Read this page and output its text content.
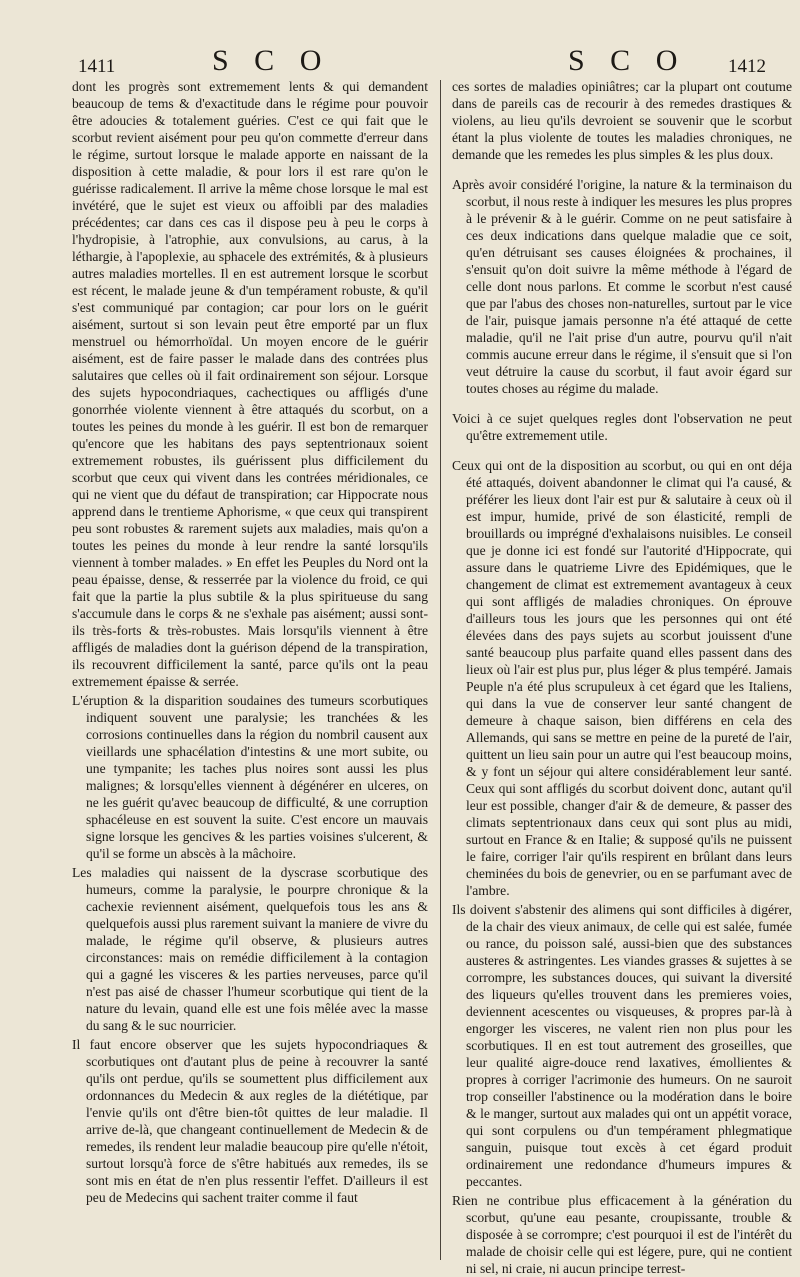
1411	S C O	S C O 1412

dont les progrès sont extremement lents & qui demandent beaucoup de tems & d'exactitude dans le régime pour pouvoir être adoucies & totalement guéries. C'est ce qui fait que le scorbut revient aisément pour peu qu'on commette d'erreur dans le régime, surtout lorsque le malade apporte en naissant de la disposition à cette maladie, & pour lors il est rare qu'on le guérisse radicalement. Il arrive la même chose lorsque le mal est invétéré, que le sujet est vieux ou affoibli par des maladies précédentes; car dans ces cas il dispose peu à peu le corps à l'hydropisie, à l'atrophie, aux convulsions, au carus, à la léthargie, à l'apoplexie, au sphacele des extrémités, & à plusieurs autres maladies mortelles. Il en est autrement lorsque le scorbut est récent, le malade jeune & d'un tempérament robuste, & qu'il s'est communiqué par contagion; car pour lors on le guérit aisément, surtout si son levain peut être emporté par un flux menstruel ou hémorrhoïdal. Un moyen encore de le guérir aisément, est de faire passer le malade dans des contrées plus salutaires que celles où il fait ordinairement son séjour. Lorsque des sujets hypocondriaques, cachectiques ou affligés d'une gonorrhée violente viennent à être attaqués du scorbut, on a toutes les peines du monde à les guérir. Il est bon de remarquer qu'encore que les habitans des pays septentrionaux soient extremement robustes, ils guérissent plus difficilement du scorbut que ceux qui vivent dans les contrées méridionales, ce qui ne vient que du défaut de transpiration; car Hippocrate nous apprend dans le trentieme Aphorisme, « que ceux qui transpirent peu sont robustes & rarement sujets aux maladies, mais qu'on a toutes les peines du monde à leur rendre la santé lorsqu'ils viennent à tomber malades. » En effet les Peuples du Nord ont la peau épaisse, dense, & resserrée par la violence du froid, ce qui fait que la partie la plus subtile & la plus spiritueuse du sang s'accumule dans le corps & ne s'exhale pas aisément; aussi sont-ils très-forts & très-robustes. Mais lorsqu'ils viennent à être affligés de maladies dont la guérison dépend de la transpiration, ils recouvrent difficilement la santé, parce qu'ils ont la peau extremement épaisse & serrée.

L'éruption & la disparition soudaines des tumeurs scorbutiques indiquent souvent une paralysie; les tranchées & les corrosions continuelles dans la région du nombril causent aux vieillards une sphacélation d'intestins & une mort subite, ou une tympanite; les taches plus noires sont aussi les plus malignes; & lorsqu'elles viennent à dégénérer en ulceres, on ne les guérit qu'avec beaucoup de difficulté, & une corruption sphacéleuse en est souvent la suite. C'est encore un mauvais signe lorsque les gencives & les parties voisines s'ulcerent, & qu'il se forme un abscès à la mâchoire.

Les maladies qui naissent de la dyscrase scorbutique des humeurs, comme la paralysie, le pourpre chronique & la cachexie reviennent aisément, quelquefois tous les ans & quelquefois aussi plus rarement suivant la maniere de vivre du malade, le régime qu'il observe, & plusieurs autres circonstances: mais on remédie difficilement à la contagion qui a gagné les visceres & les parties nerveuses, parce qu'il n'est pas aisé de chasser l'humeur scorbutique qui tient de la nature du levain, quand elle est une fois mêlée avec la masse du sang & le suc nourricier.

Il faut encore observer que les sujets hypocondriaques & scorbutiques ont d'autant plus de peine à recouvrer la santé qu'ils ont perdue, qu'ils se soumettent plus difficilement aux ordonnances du Medecin & aux regles de la diététique, par l'envie qu'ils ont d'être bien-tôt quittes de leur maladie. Il arrive de-là, que changeant continuellement de Medecin & de remedes, ils rendent leur maladie beaucoup pire qu'elle n'étoit, surtout lorsqu'à force de s'être habitués aux remedes, ils se sont mis en état de n'en plus ressentir l'effet. D'ailleurs il est peu de Medecins qui sachent traiter comme il faut

ces sortes de maladies opiniâtres; car la plupart ont coutume dans de pareils cas de recourir à des remedes drastiques & violens, au lieu qu'ils devroient se souvenir que le scorbut étant la plus violente de toutes les maladies chroniques, ne demande que les remedes les plus simples & les plus doux.

Après avoir considéré l'origine, la nature & la terminaison du scorbut, il nous reste à indiquer les mesures les plus propres à le prévenir & à le guérir. Comme on ne peut satisfaire à ces deux indications dans quelque maladie que ce soit, qu'en détruisant ses causes éloignées & prochaines, il s'ensuit qu'on doit suivre la même méthode à l'égard de celle dont nous parlons. Et comme le scorbut n'est causé que par l'abus des choses non-naturelles, surtout par le vice de l'air, puisque jamais personne n'a été attaqué de cette maladie, qu'il ne l'ait prise d'un autre, pourvu qu'il n'ait commis aucune erreur dans le régime, il s'ensuit que si l'on veut détruire la cause du scorbut, il faut avoir égard sur toutes choses au régime du malade.

Voici à ce sujet quelques regles dont l'observation ne peut qu'être extremement utile.

Ceux qui ont de la disposition au scorbut, ou qui en ont déja été attaqués, doivent abandonner le climat qui l'a causé, & préférer les lieux dont l'air est pur & salutaire à ceux où il est impur, humide, privé de son élasticité, rempli de brouillards ou imprégné d'exhalaisons nuisibles. Le conseil que je donne ici est fondé sur l'autorité d'Hippocrate, qui assure dans le quatrieme Livre des Epidémiques, que le changement de climat est extremement avantageux à ceux qui sont affligés de maladies chroniques. On éprouve d'ailleurs tous les jours que les personnes qui ont été élevées dans des pays sujets au scorbut jouissent d'une santé beaucoup plus parfaite quand elles passent dans des lieux où l'air est plus pur, plus léger & plus tempéré. Jamais Peuple n'a été plus scrupuleux à cet égard que les Italiens, qui dans la vue de conserver leur santé changent de demeure à chaque saison, bien différens en cela des Allemands, qui sans se mettre en peine de la pureté de l'air, quittent un lieu sain pour un autre qui l'est beaucoup moins, & y font un séjour qui altere considérablement leur santé. Ceux qui sont affligés du scorbut doivent donc, autant qu'il leur est possible, changer d'air & de demeure, & passer des climats septentrionaux dans ceux qui sont plus au midi, surtout en France & en Italie; & supposé qu'ils ne puissent le faire, corriger l'air qu'ils respirent en brûlant dans leurs cheminées du bois de genevrier, ou en se parfumant avec de l'ambre.

Ils doivent s'abstenir des alimens qui sont difficiles à digérer, de la chair des vieux animaux, de celle qui est salée, fumée ou rance, du poisson salé, aussi-bien que des substances austeres & astringentes. Les viandes grasses & sujettes à se corrompre, les substances douces, qui suivant la diversité des liqueurs qu'elles trouvent dans les premieres voies, deviennent acescentes ou visqueuses, & propres par-là à engorger les visceres, ne valent rien non plus pour les scorbutiques. Il en est tout autrement des groseilles, que leur qualité aigre-douce rend laxatives, émollientes & propres à corriger l'acrimonie des humeurs. On ne sauroit trop conseiller l'abstinence ou la modération dans le boire & le manger, surtout aux malades qui ont un appétit vorace, qui sont corpulens ou d'un tempérament phlegmatique sanguin, puisque tout excès à cet égard produit ordinairement une redondance d'humeurs impures & peccantes.

Rien ne contribue plus efficacement à la génération du scorbut, qu'une eau pesante, croupissante, trouble & disposée à se corrompre; c'est pourquoi il est de l'intérêt du malade de choisir celle qui est légere, pure, qui ne contient ni sel, ni craie, ni aucun principe terrest-
